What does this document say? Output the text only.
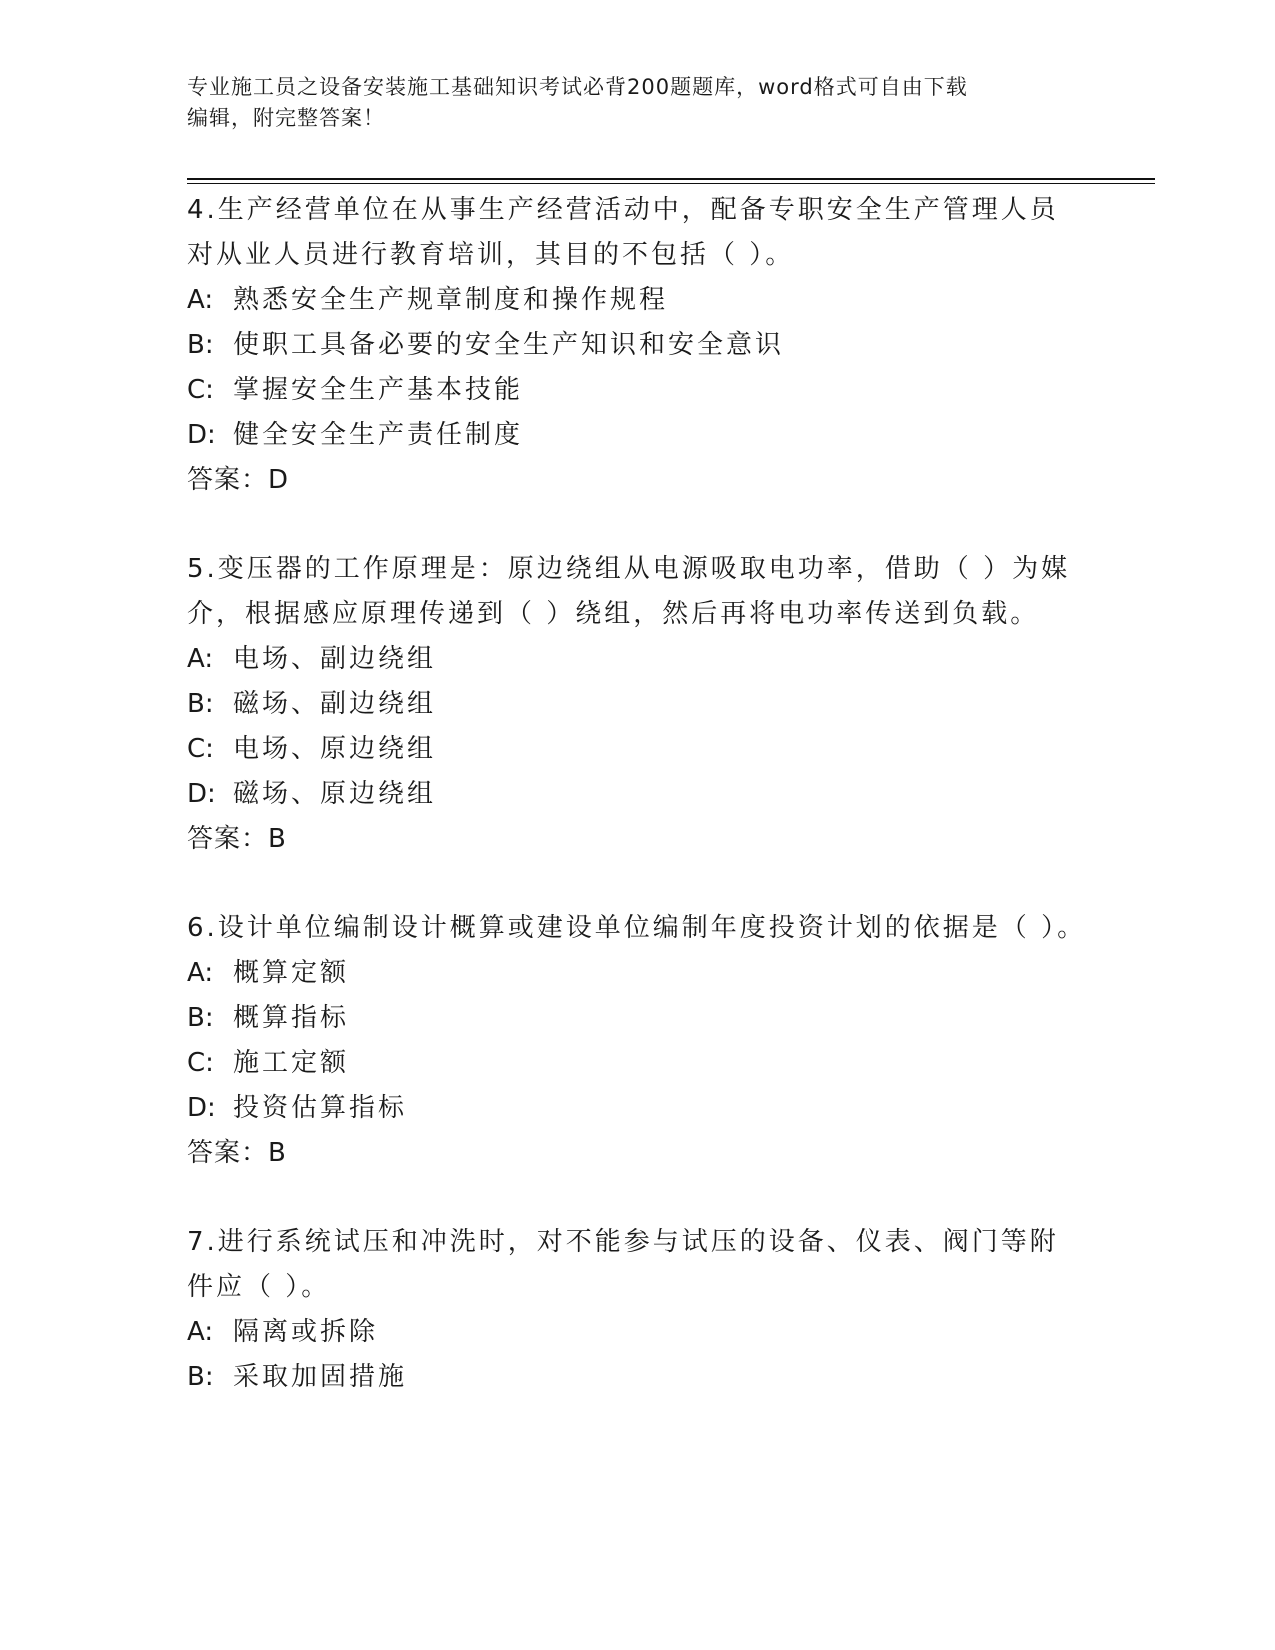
专业施工员之设备安装施工基础知识考试必背200题题库，word格式可自由下载
编辑，附完整答案！

4.生产经营单位在从事生产经营活动中，配备专职安全生产管理人员对从业人员进行教育培训，其目的不包括（ ）。

A: 熟悉安全生产规章制度和操作规程

B: 使职工具备必要的安全生产知识和安全意识

C: 掌握安全生产基本技能

D: 健全安全生产责任制度

答案：D

5.变压器的工作原理是：原边绕组从电源吸取电功率，借助（ ）为媒介，根据感应原理传递到（ ）绕组，然后再将电功率传送到负载。

A: 电场、副边绕组

B: 磁场、副边绕组

C: 电场、原边绕组

D: 磁场、原边绕组

答案：B

6.设计单位编制设计概算或建设单位编制年度投资计划的依据是（ ）。

A: 概算定额

B: 概算指标

C: 施工定额

D: 投资估算指标

答案：B

7.进行系统试压和冲洗时，对不能参与试压的设备、仪表、阀门等附件应（ ）。

A: 隔离或拆除

B: 采取加固措施
